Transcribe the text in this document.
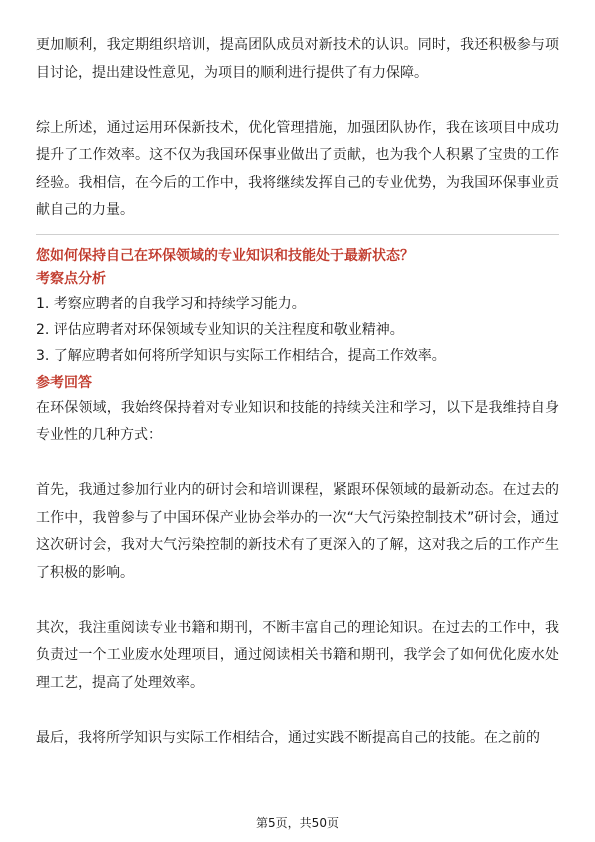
更加顺利，我定期组织培训，提高团队成员对新技术的认识。同时，我还积极参与项目讨论，提出建设性意见，为项目的顺利进行提供了有力保障。

综上所述，通过运用环保新技术，优化管理措施，加强团队协作，我在该项目中成功提升了工作效率。这不仅为我国环保事业做出了贡献，也为我个人积累了宝贵的工作经验。我相信，在今后的工作中，我将继续发挥自己的专业优势，为我国环保事业贡献自己的力量。

您如何保持自己在环保领域的专业知识和技能处于最新状态？

考察点分析

1. 考察应聘者的自我学习和持续学习能力。

2. 评估应聘者对环保领域专业知识的关注程度和敬业精神。

3. 了解应聘者如何将所学知识与实际工作相结合，提高工作效率。

参考回答

在环保领域，我始终保持着对专业知识和技能的持续关注和学习，以下是我维持自身专业性的几种方式：

首先，我通过参加行业内的研讨会和培训课程，紧跟环保领域的最新动态。在过去的工作中，我曾参与了中国环保产业协会举办的一次“大气污染控制技术”研讨会，通过这次研讨会，我对大气污染控制的新技术有了更深入的了解，这对我之后的工作产生了积极的影响。

其次，我注重阅读专业书籍和期刊，不断丰富自己的理论知识。在过去的工作中，我负责过一个工业废水处理项目，通过阅读相关书籍和期刊，我学会了如何优化废水处理工艺，提高了处理效率。

最后，我将所学知识与实际工作相结合，通过实践不断提高自己的技能。在之前的

第5页，共50页
